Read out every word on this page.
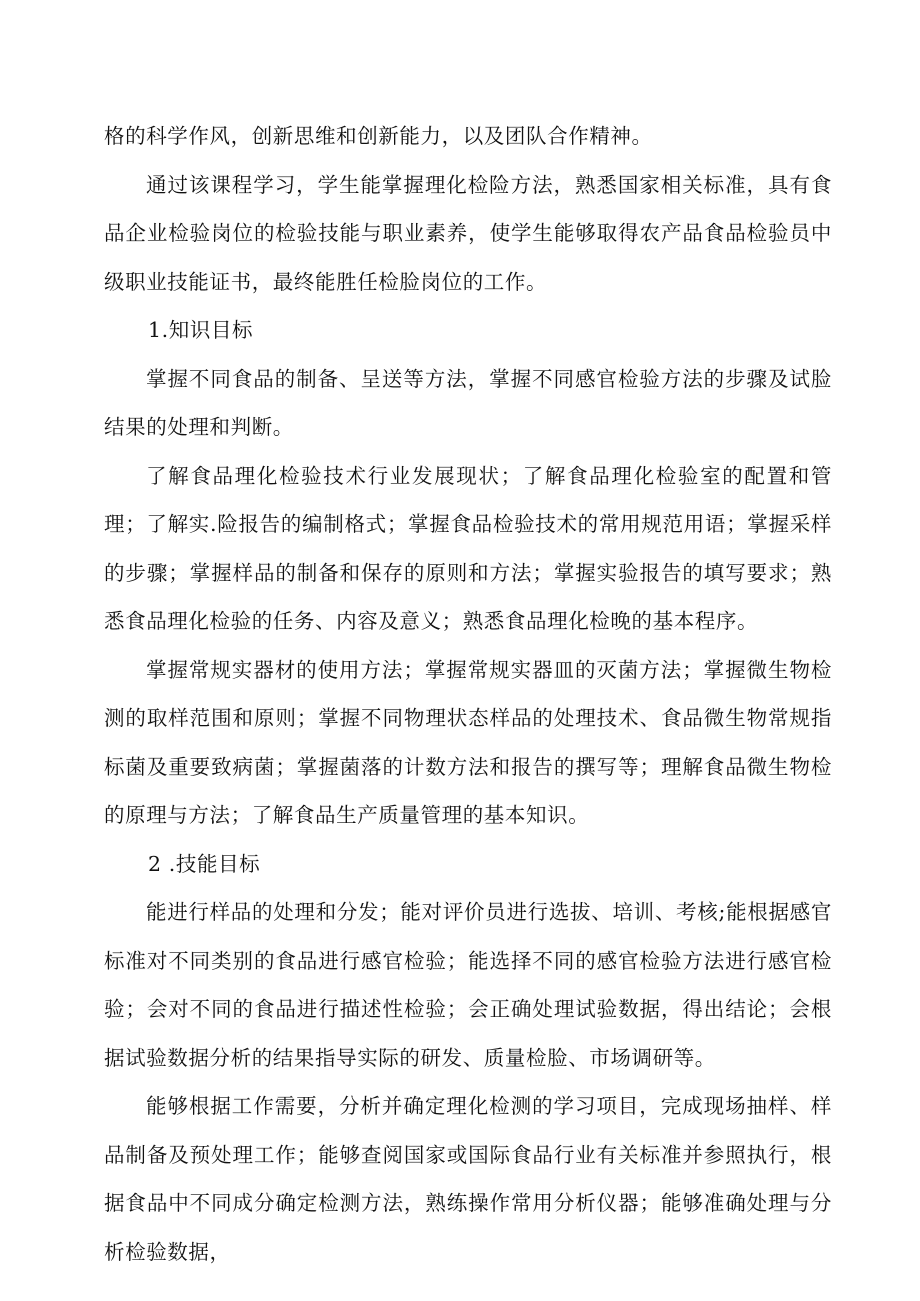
格的科学作风，创新思维和创新能力，以及团队合作精神。

通过该课程学习，学生能掌握理化检险方法，熟悉国家相关标准，具有食品企业检验岗位的检验技能与职业素养，使学生能够取得农产品食品检验员中级职业技能证书，最终能胜任检脸岗位的工作。

1.知识目标

掌握不同食品的制备、呈送等方法，掌握不同感官检验方法的步骤及试脸结果的处理和判断。

了解食品理化检验技术行业发展现状；了解食品理化检验室的配置和管理；了解实.险报告的编制格式；掌握食品检验技术的常用规范用语；掌握采样的步骤；掌握样品的制备和保存的原则和方法；掌握实验报告的填写要求；熟悉食品理化检验的任务、内容及意义；熟悉食品理化检晚的基本程序。

掌握常规实器材的使用方法；掌握常规实器皿的灭菌方法；掌握微生物检测的取样范围和原则；掌握不同物理状态样品的处理技术、食品微生物常规指标菌及重要致病菌；掌握菌落的计数方法和报告的撰写等；理解食品微生物检的原理与方法；了解食品生产质量管理的基本知识。

2 .技能目标

能进行样品的处理和分发；能对评价员进行选拔、培训、考核;能根据感官标准对不同类别的食品进行感官检验；能选择不同的感官检验方法进行感官检验；会对不同的食品进行描述性检验；会正确处理试验数据，得出结论；会根据试验数据分析的结果指导实际的研发、质量检脸、市场调研等。

能够根据工作需要，分析并确定理化检测的学习项目，完成现场抽样、样品制备及预处理工作；能够查阅国家或国际食品行业有关标准并参照执行，根据食品中不同成分确定检测方法，熟练操作常用分析仪器；能够准确处理与分析检验数据，
